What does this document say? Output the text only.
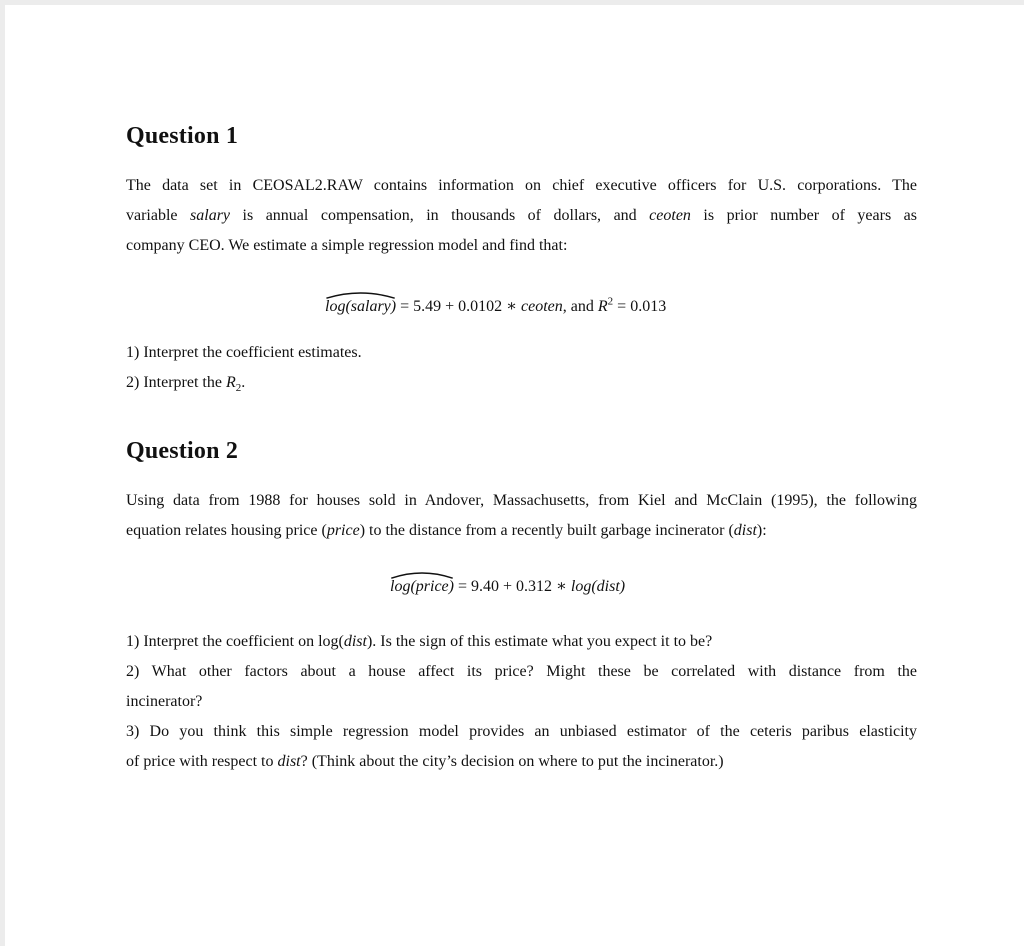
Question 1
The data set in CEOSAL2.RAW contains information on chief executive officers for U.S. corporations. The
variable salary is annual compensation, in thousands of dollars, and ceoten is prior number of years as
company CEO. We estimate a simple regression model and find that:
log(salary) = 5.49 + 0.0102 ∗ ceoten, and $R^2 = 0.013$
1) Interpret the coefficient estimates.
2) Interpret the $R_2$.
Question 2
Using data from 1988 for houses sold in Andover, Massachusetts, from Kiel and McClain (1995), the following
equation relates housing price (price) to the distance from a recently built garbage incinerator (dist):
log(price) = 9.40 + 0.312 ∗ log(dist)
1) Interpret the coefficient on log(dist). Is the sign of this estimate what you expect it to be?
2) What other factors about a house affect its price? Might these be correlated with distance from the
incinerator?
3) Do you think this simple regression model provides an unbiased estimator of the ceteris paribus elasticity
of price with respect to dist? (Think about the city’s decision on where to put the incinerator.)
